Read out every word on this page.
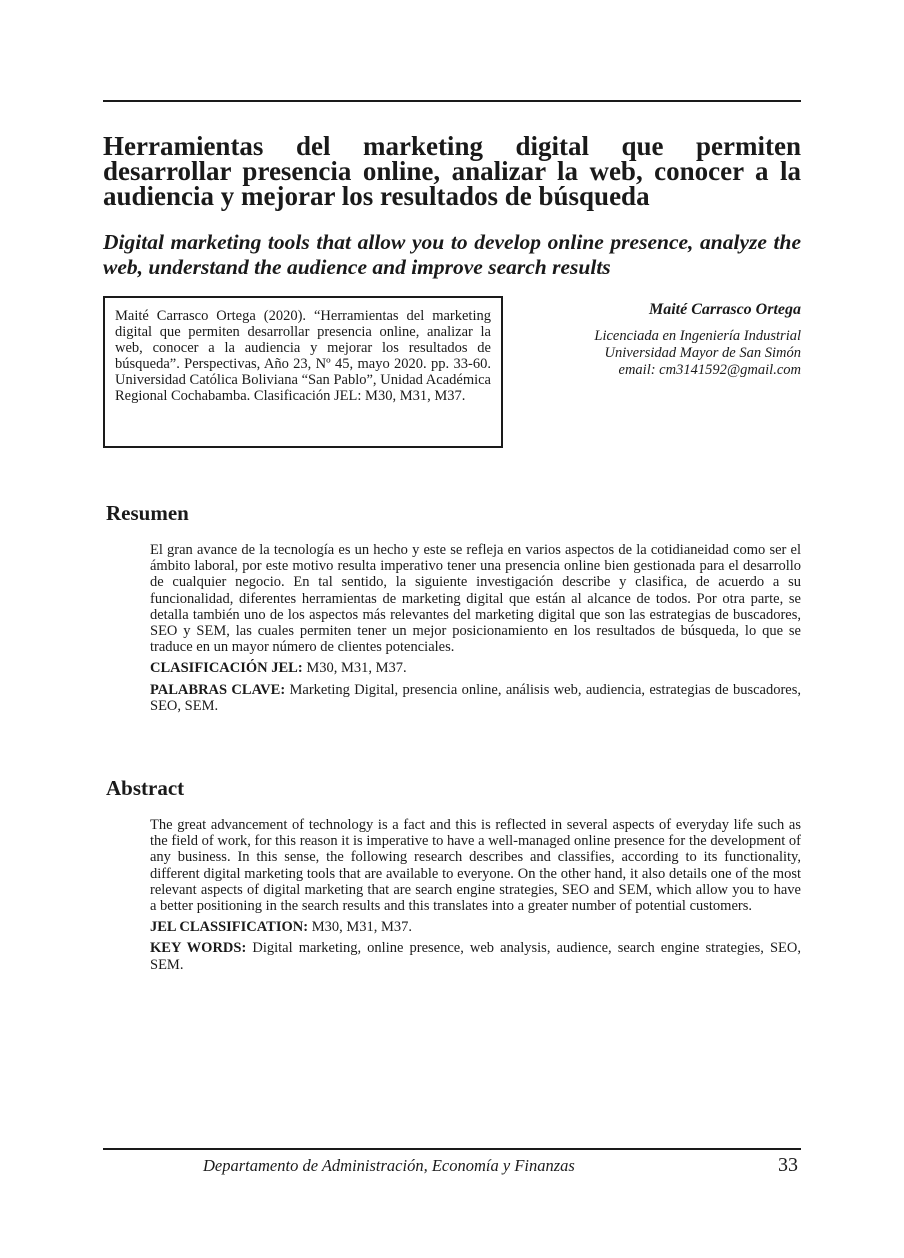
Herramientas del marketing digital que permiten desarrollar presencia online, analizar la web, conocer a la audiencia y mejorar los resultados de búsqueda
Digital marketing tools that allow you to develop online presence, analyze the web, understand the audience and improve search results
Maité Carrasco Ortega (2020). “Herramientas del marketing digital que permiten desarrollar presencia online, analizar la web, conocer a la audiencia y mejorar los resultados de búsqueda”. Perspectivas, Año 23, Nº 45, mayo 2020. pp. 33-60. Universidad Católica Boliviana “San Pablo”, Unidad Académica Regional Cochabamba. Clasificación JEL: M30, M31, M37.
Maité Carrasco Ortega
Licenciada en Ingeniería Industrial
Universidad Mayor de San Simón
email: cm3141592@gmail.com
Resumen

El gran avance de la tecnología es un hecho y este se refleja en varios aspectos de la cotidianeidad como ser el ámbito laboral, por este motivo resulta imperativo tener una presencia online bien gestionada para el desarrollo de cualquier negocio. En tal sentido, la siguiente investigación describe y clasifica, de acuerdo a su funcionalidad, diferentes herramientas de marketing digital que están al alcance de todos. Por otra parte, se detalla también uno de los aspectos más relevantes del marketing digital que son las estrategias de buscadores, SEO y SEM, las cuales permiten tener un mejor posicionamiento en los resultados de búsqueda, lo que se traduce en un mayor número de clientes potenciales.

CLASIFICACIÓN JEL: M30, M31, M37.

PALABRAS CLAVE: Marketing Digital, presencia online, análisis web, audiencia, estrategias de buscadores, SEO, SEM.

Abstract

The great advancement of technology is a fact and this is reflected in several aspects of everyday life such as the field of work, for this reason it is imperative to have a well-managed online presence for the development of any business. In this sense, the following research describes and classifies, according to its functionality, different digital marketing tools that are available to everyone. On the other hand, it also details one of the most relevant aspects of digital marketing that are search engine strategies, SEO and SEM, which allow you to have a better positioning in the search results and this translates into a greater number of potential customers.

JEL CLASSIFICATION: M30, M31, M37.

KEY WORDS: Digital marketing, online presence, web analysis, audience, search engine strategies, SEO, SEM.

Departamento de Administración, Economía y Finanzas	33
